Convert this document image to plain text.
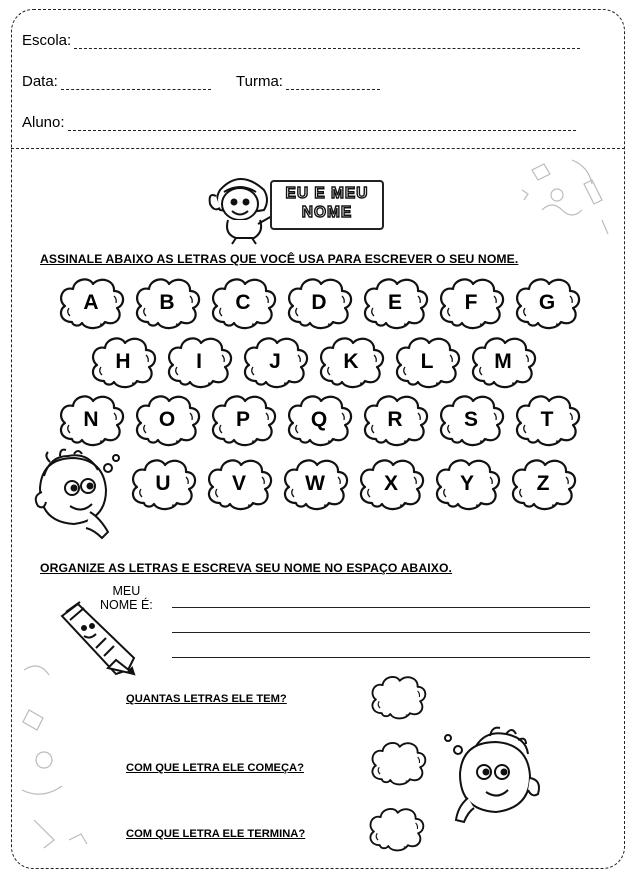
Escola:
Data:	Turma:
Aluno:
EU E MEU
NOME
ASSINALE ABAIXO AS LETRAS QUE VOCÊ USA PARA ESCREVER O SEU NOME.
A	B	C	D	E	F	G
H	I	J	K	L	M
N	O	P	Q	R	S	T
U	V	W	X	Y	Z
ORGANIZE AS LETRAS E ESCREVA SEU NOME NO ESPAÇO ABAIXO.
MEU
NOME É:
QUANTAS LETRAS ELE TEM?
COM QUE LETRA ELE COMEÇA?
COM QUE LETRA ELE TERMINA?
